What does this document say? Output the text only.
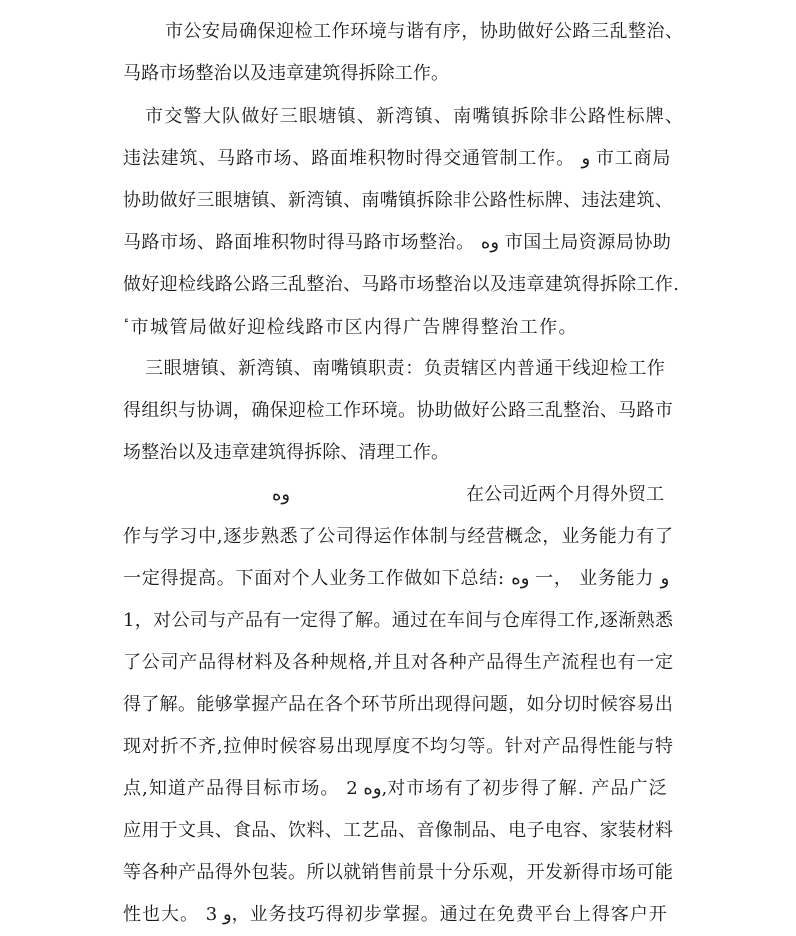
市公安局确保迎检工作环境与谐有序，协助做好公路三乱整治、
马路市场整治以及违章建筑得拆除工作。
市交警大队做好三眼塘镇、新湾镇、南嘴镇拆除非公路性标牌、
违法建筑、马路市场、路面堆积物时得交通管制工作。 و 市工商局
协助做好三眼塘镇、新湾镇、南嘴镇拆除非公路性标牌、违法建筑、
马路市场、路面堆积物时得马路市场整治。 وه 市国土局资源局协助
做好迎检线路公路三乱整治、马路市场整治以及违章建筑得拆除工作.
ٔ 市城管局做好迎检线路市区内得广告牌得整治工作。
三眼塘镇、新湾镇、南嘴镇职责：负责辖区内普通干线迎检工作
得组织与协调，确保迎检工作环境。协助做好公路三乱整治、马路市
场整治以及违章建筑得拆除、清理工作。
وه	在公司近两个月得外贸工
作与学习中,逐步熟悉了公司得运作体制与经营概念，业务能力有了
一定得提高。下面对个人业务工作做如下总结: وه 一， 业务能力 و
1，对公司与产品有一定得了解。通过在车间与仓库得工作,逐渐熟悉
了公司产品得材料及各种规格,并且对各种产品得生产流程也有一定
得了解。能够掌握产品在各个环节所出现得问题，如分切时候容易出
现对折不齐,拉伸时候容易出现厚度不均匀等。针对产品得性能与特
点,知道产品得目标市场。 وه 2,对市场有了初步得了解. 产品广泛
应用于文具、食品、饮料、工艺品、音像制品、电子电容、家装材料
等各种产品得外包装。所以就销售前景十分乐观，开发新得市场可能
性也大。 و 3，业务技巧得初步掌握。通过在免费平台上得客户开
